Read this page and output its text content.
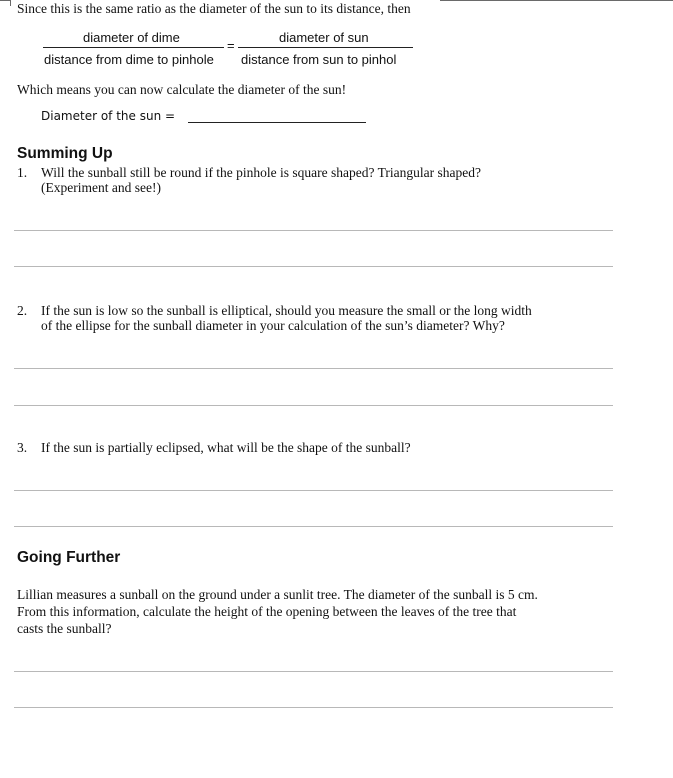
Since this is the same ratio as the diameter of the sun to its distance, then
diameter of dime
distance from dime to pinhole
=
diameter of sun
distance from sun to pinhol
Which means you can now calculate the diameter of the sun!
Diameter of the sun =
Summing Up
1. Will the sunball still be round if the pinhole is square shaped? Triangular shaped?
(Experiment and see!)
2. If the sun is low so the sunball is elliptical, should you measure the small or the long width
of the ellipse for the sunball diameter in your calculation of the sun’s diameter? Why?
3. If the sun is partially eclipsed, what will be the shape of the sunball?
Going Further
Lillian measures a sunball on the ground under a sunlit tree. The diameter of the sunball is 5 cm.
From this information, calculate the height of the opening between the leaves of the tree that
casts the sunball?
